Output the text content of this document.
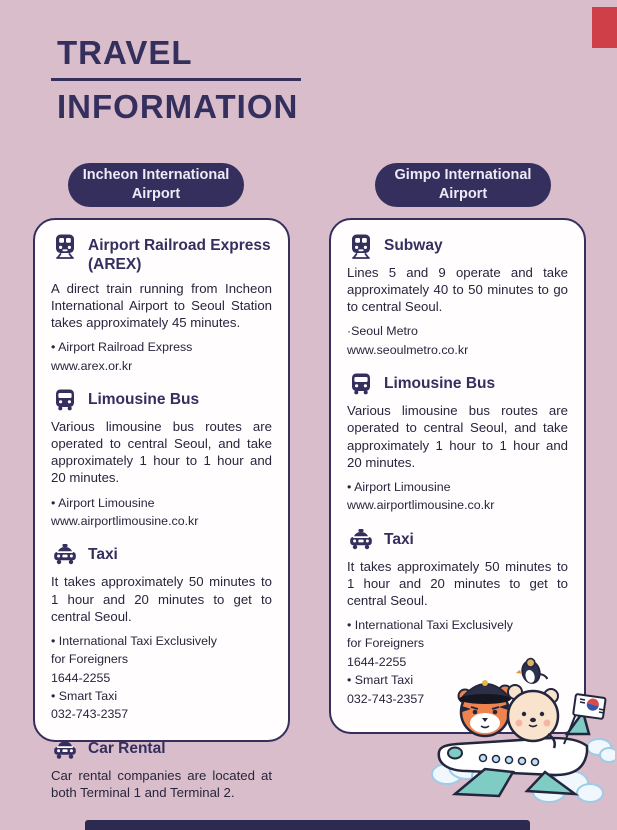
TRAVEL
INFORMATION
Incheon International
Airport
Gimpo International
Airport
Airport Railroad Express (AREX)

A direct train running from Incheon International Airport to Seoul Station takes approximately 45 minutes.

• Airport Railroad Express
www.arex.or.kr
Limousine Bus

Various limousine bus routes are operated to central Seoul, and take approximately 1 hour to 1 hour and 20 minutes.

• Airport Limousine
www.airportlimousine.co.kr
Taxi

It takes approximately 50 minutes to 1 hour and 20 minutes to get to central Seoul.

• International Taxi Exclusively
for Foreigners
1644-2255
• Smart Taxi
032-743-2357
Car Rental

Car rental companies are located at both Terminal 1 and Terminal 2.

Subway

Lines 5 and 9 operate and take approximately 40 to 50 minutes to go to central Seoul.

·Seoul Metro
www.seoulmetro.co.kr
Limousine Bus

Various limousine bus routes are operated to central Seoul, and take approximately 1 hour to 1 hour and 20 minutes.

• Airport Limousine
www.airportlimousine.co.kr
Taxi

It takes approximately 50 minutes to 1 hour and 20 minutes to get to central Seoul.

• International Taxi Exclusively
for Foreigners
1644-2255
• Smart Taxi
032-743-2357
